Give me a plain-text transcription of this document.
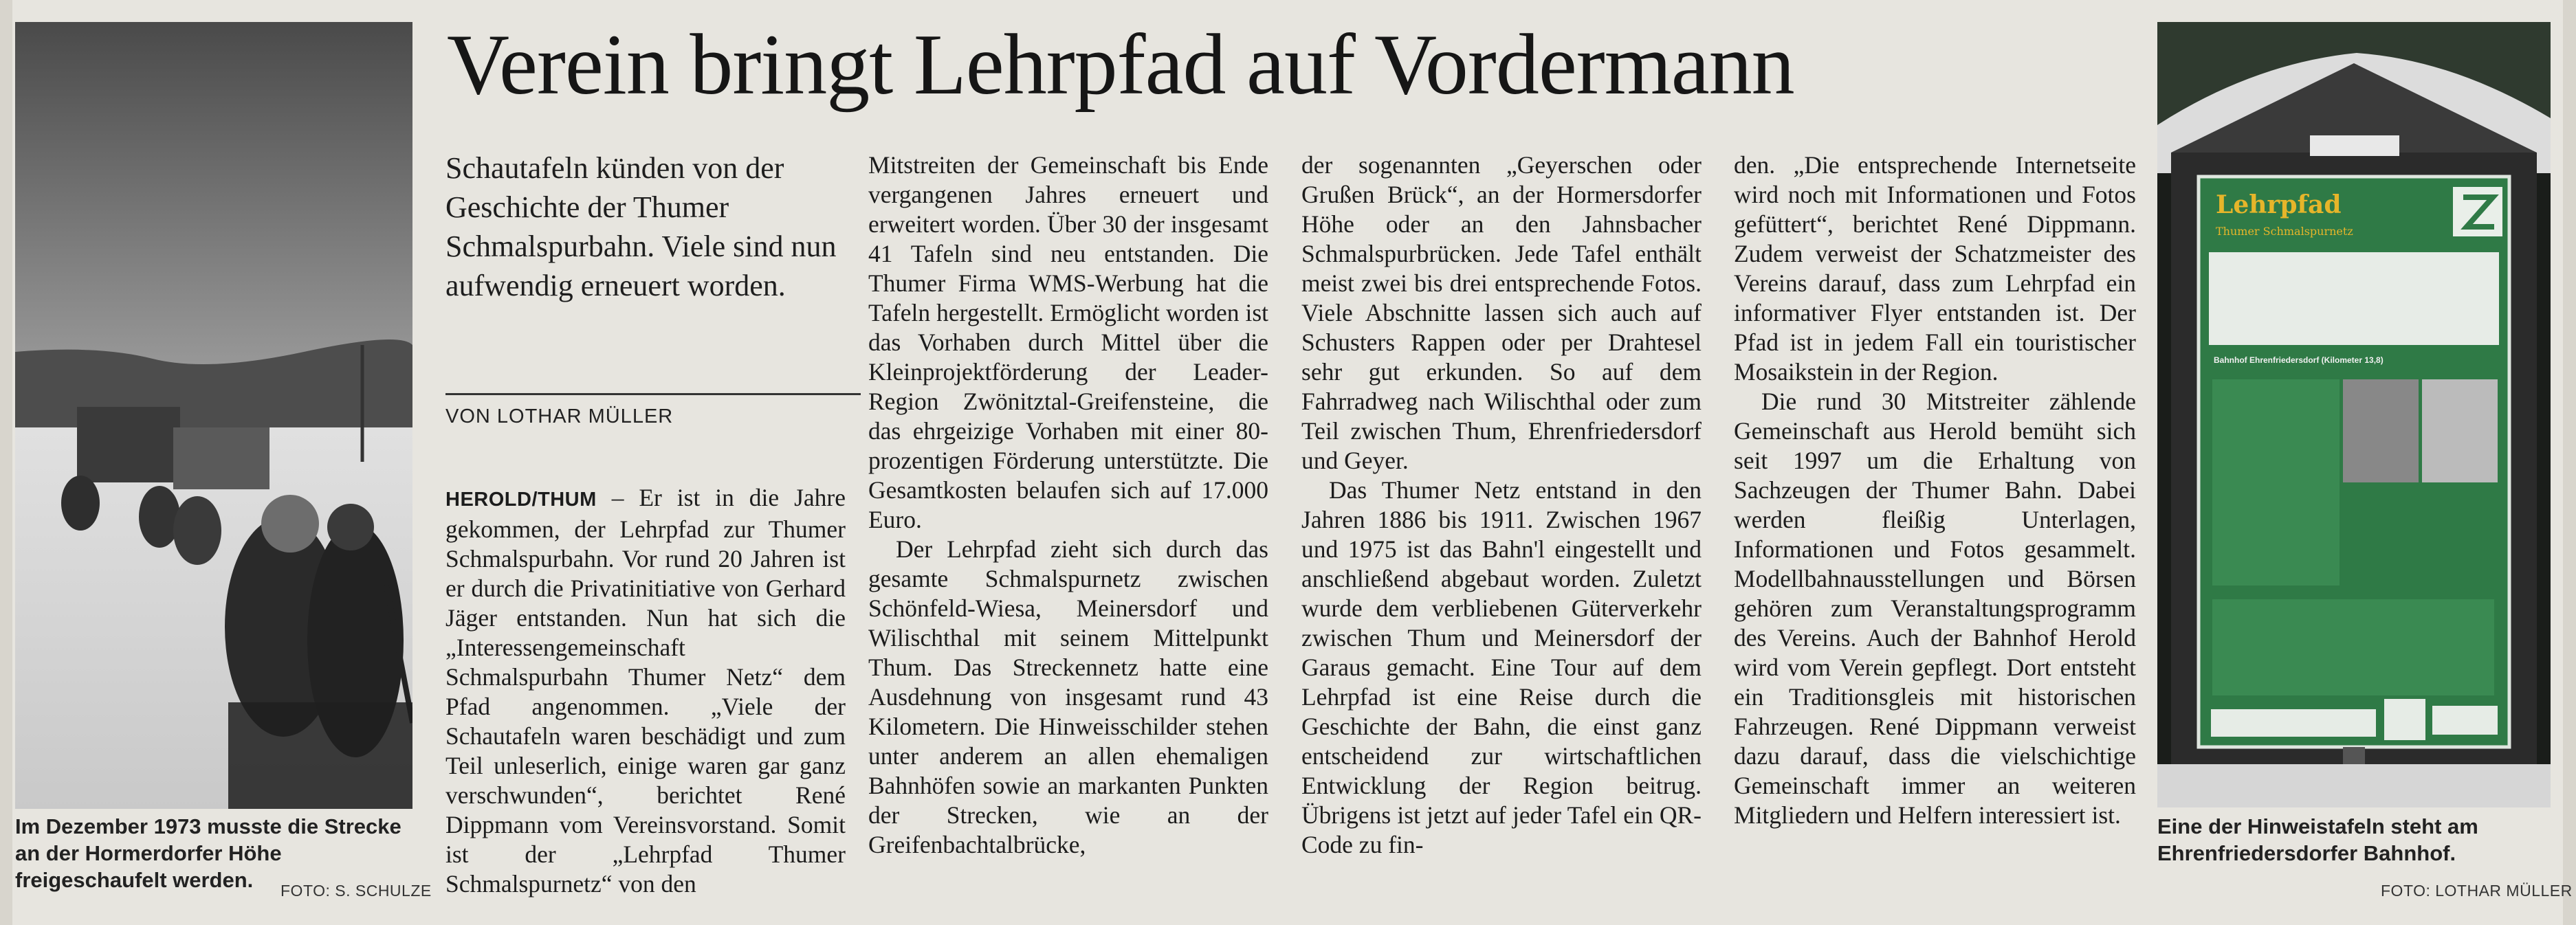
Im Dezember 1973 musste die Strecke an der Hormerdorfer Höhe freigeschaufelt werden.	FOTO: S. SCHULZE
Verein bringt Lehrpfad auf Vordermann
Schautafeln künden von der Geschichte der Thumer Schmalspurbahn. Viele sind nun aufwendig erneuert worden.
VON LOTHAR MÜLLER

HEROLD/THUM – Er ist in die Jahre gekommen, der Lehrpfad zur Thumer Schmalspurbahn. Vor rund 20 Jahren ist er durch die Privatinitiative von Gerhard Jäger entstanden. Nun hat sich die „Interessengemeinschaft Schmalspurbahn Thumer Netz“ dem Pfad angenommen. „Viele der Schautafeln waren beschädigt und zum Teil unleserlich, einige waren gar ganz verschwunden“, berichtet René Dippmann vom Vereinsvorstand. Somit ist der „Lehrpfad Thumer Schmalspurnetz“ von den

Mitstreiten der Gemeinschaft bis Ende vergangenen Jahres erneuert und erweitert worden. Über 30 der insgesamt 41 Tafeln sind neu entstanden. Die Thumer Firma WMS-Werbung hat die Tafeln hergestellt. Ermöglicht worden ist das Vorhaben durch Mittel über die Kleinprojektförderung der Leader-Region Zwönitztal-Greifensteine, die das ehrgeizige Vorhaben mit einer 80-prozentigen Förderung unterstützte. Die Gesamtkosten belaufen sich auf 17.000 Euro.

Der Lehrpfad zieht sich durch das gesamte Schmalspurnetz zwischen Schönfeld-Wiesa, Meinersdorf und Wilischthal mit seinem Mittelpunkt Thum. Das Streckennetz hatte eine Ausdehnung von insgesamt rund 43 Kilometern. Die Hinweisschilder stehen unter anderem an allen ehemaligen Bahnhöfen sowie an markanten Punkten der Strecken, wie an der Greifenbachtalbrücke,

der sogenannten „Geyerschen oder Grußen Brück“, an der Hormersdorfer Höhe oder an den Jahnsbacher Schmalspurbrücken. Jede Tafel enthält meist zwei bis drei entsprechende Fotos. Viele Abschnitte lassen sich auch auf Schusters Rappen oder per Drahtesel sehr gut erkunden. So auf dem Fahrradweg nach Wilischthal oder zum Teil zwischen Thum, Ehrenfriedersdorf und Geyer.

Das Thumer Netz entstand in den Jahren 1886 bis 1911. Zwischen 1967 und 1975 ist das Bahn'l eingestellt und anschließend abgebaut worden. Zuletzt wurde dem verbliebenen Güterverkehr zwischen Thum und Meinersdorf der Garaus gemacht. Eine Tour auf dem Lehrpfad ist eine Reise durch die Geschichte der Bahn, die einst ganz entscheidend zur wirtschaftlichen Entwicklung der Region beitrug. Übrigens ist jetzt auf jeder Tafel ein QR-Code zu fin-

den. „Die entsprechende Internetseite wird noch mit Informationen und Fotos gefüttert“, berichtet René Dippmann. Zudem verweist der Schatzmeister des Vereins darauf, dass zum Lehrpfad ein informativer Flyer entstanden ist. Der Pfad ist in jedem Fall ein touristischer Mosaikstein in der Region.

Die rund 30 Mitstreiter zählende Gemeinschaft aus Herold bemüht sich seit 1997 um die Erhaltung von Sachzeugen der Thumer Bahn. Dabei werden fleißig Unterlagen, Informationen und Fotos gesammelt. Modellbahnausstellungen und Börsen gehören zum Veranstaltungsprogramm des Vereins. Auch der Bahnhof Herold wird vom Verein gepflegt. Dort entsteht ein Traditionsgleis mit historischen Fahrzeugen. René Dippmann verweist dazu darauf, dass die vielschichtige Gemeinschaft immer an weiteren Mitgliedern und Helfern interessiert ist.

Lehrpfad
Thumer Schmalspurnetz
Bahnhof Ehrenfriedersdorf (Kilometer 13,8)
Eine der Hinweistafeln steht am Ehrenfriedersdorfer Bahnhof.
FOTO: LOTHAR MÜLLER
